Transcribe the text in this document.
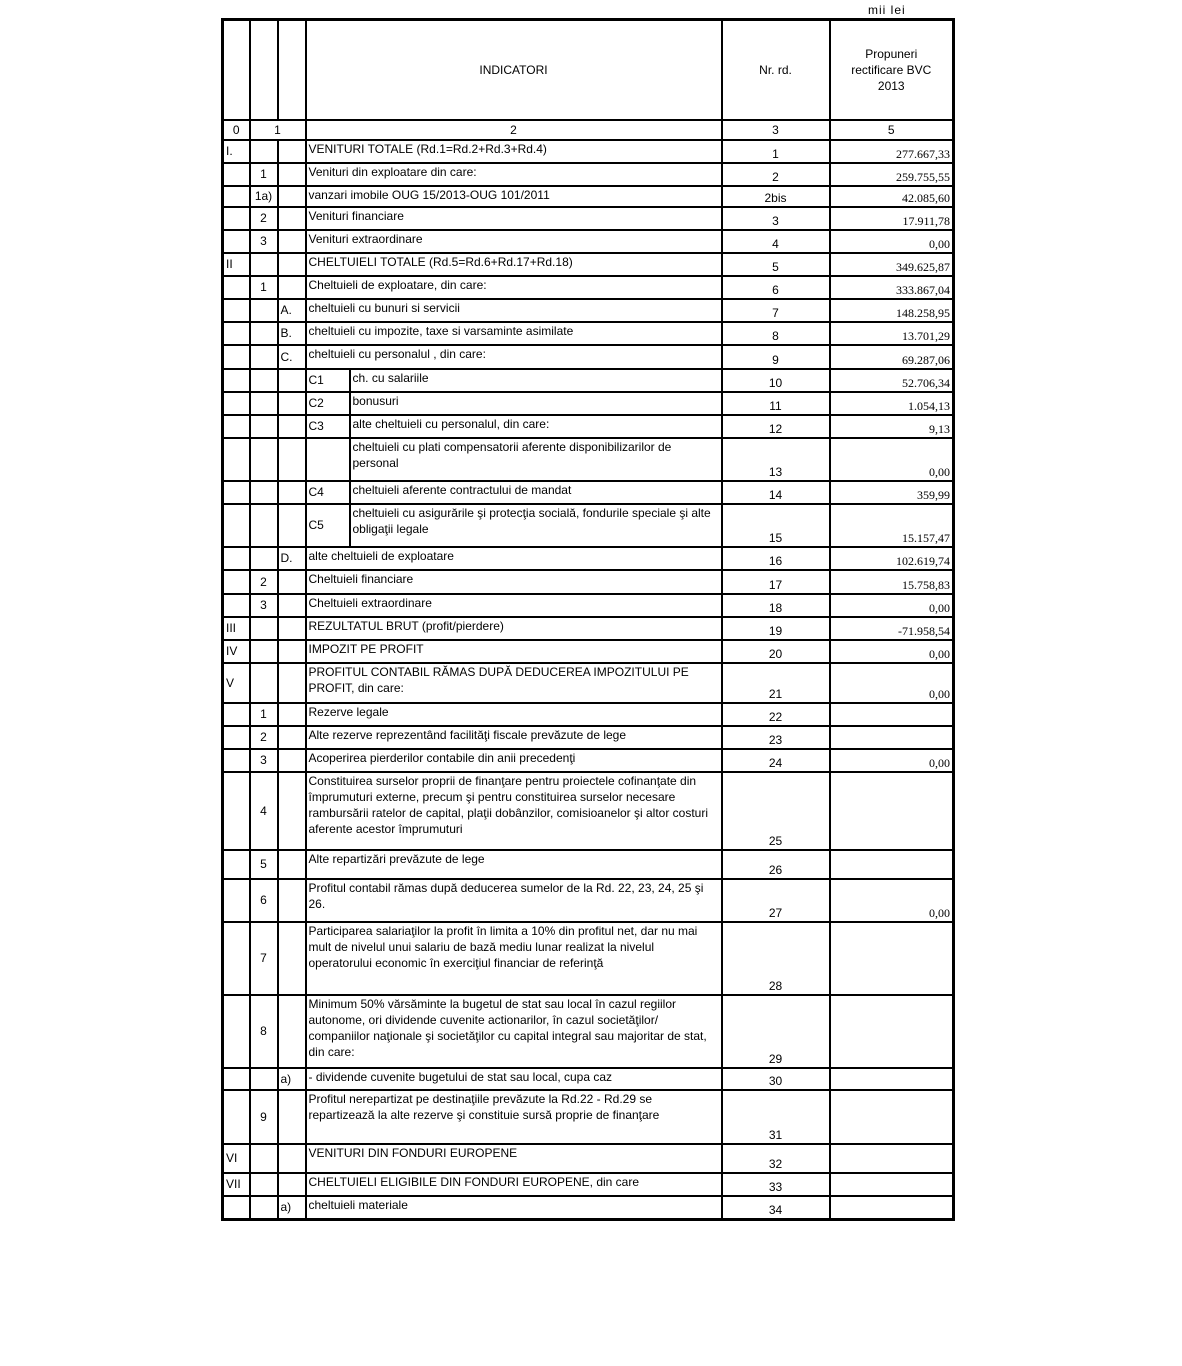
mii lei
			INDICATORI		Nr. rd.	Propuneri rectificare BVC 2013
0	1		2		3	5
I.			VENITURI TOTALE (Rd.1=Rd.2+Rd.3+Rd.4)		1	277.667,33
	1		Venituri din exploatare din care:		2	259.755,55
	1a)		vanzari imobile OUG 15/2013-OUG 101/2011		2bis	42.085,60
	2		Venituri financiare		3	17.911,78
	3		Venituri extraordinare		4	0,00
II			CHELTUIELI TOTALE (Rd.5=Rd.6+Rd.17+Rd.18)		5	349.625,87
	1		Cheltuieli de exploatare, din care:		6	333.867,04
		A.	cheltuieli cu bunuri si servicii		7	148.258,95
		B.	cheltuieli cu impozite, taxe si varsaminte asimilate		8	13.701,29
		C.	cheltuieli cu personalul , din care:		9	69.287,06
			C1	ch. cu salariile	10	52.706,34
			C2	bonusuri	11	1.054,13
			C3	alte cheltuieli cu personalul, din care:	12	9,13
				cheltuieli cu plati compensatorii aferente disponibilizarilor de personal	13	0,00
			C4	cheltuieli aferente contractului de mandat	14	359,99
			C5	cheltuieli cu asigurările şi protecţia socială, fondurile speciale şi alte obligaţii legale	15	15.157,47
		D.	alte cheltuieli de exploatare		16	102.619,74
	2		Cheltuieli financiare		17	15.758,83
	3		Cheltuieli extraordinare		18	0,00
III			REZULTATUL BRUT (profit/pierdere)		19	-71.958,54
IV			IMPOZIT PE PROFIT		20	0,00
V			PROFITUL CONTABIL RĂMAS DUPĂ DEDUCEREA IMPOZITULUI PE PROFIT, din care:		21	0,00
	1		Rezerve legale		22	
	2		Alte rezerve reprezentând facilităţi fiscale prevăzute de lege		23	
	3		Acoperirea pierderilor contabile din anii precedenţi		24	0,00
	4		Constituirea surselor proprii de finanţare pentru proiectele cofinanţate din împrumuturi externe, precum şi pentru constituirea surselor necesare rambursării ratelor de capital, plaţii dobânzilor, comisioanelor şi altor costuri aferente acestor împrumuturi		25	
	5		Alte repartizări prevăzute de lege		26	
	6		Profitul contabil rămas după deducerea sumelor de la Rd. 22, 23, 24, 25 şi 26.		27	0,00
	7		Participarea salariaţilor la profit în limita a 10% din profitul net, dar nu mai mult de nivelul unui salariu de bază mediu lunar realizat la nivelul operatorului economic în exerciţiul financiar de referinţă		28	
	8		Minimum 50% vărsăminte la bugetul de stat sau local în cazul regiilor autonome, ori dividende cuvenite actionarilor, în cazul societăţilor/ companiilor naţionale şi societăţilor cu capital integral sau majoritar de stat, din care:		29	
		a)	- dividende cuvenite bugetului de stat sau local, cupa caz		30	
	9		Profitul nerepartizat pe destinaţiile prevăzute la Rd.22 - Rd.29 se repartizează la alte rezerve şi constituie sursă proprie de finanţare		31	
VI			VENITURI DIN FONDURI EUROPENE		32	
VII			CHELTUIELI ELIGIBILE DIN FONDURI EUROPENE, din care		33	
		a)	cheltuieli materiale		34	
